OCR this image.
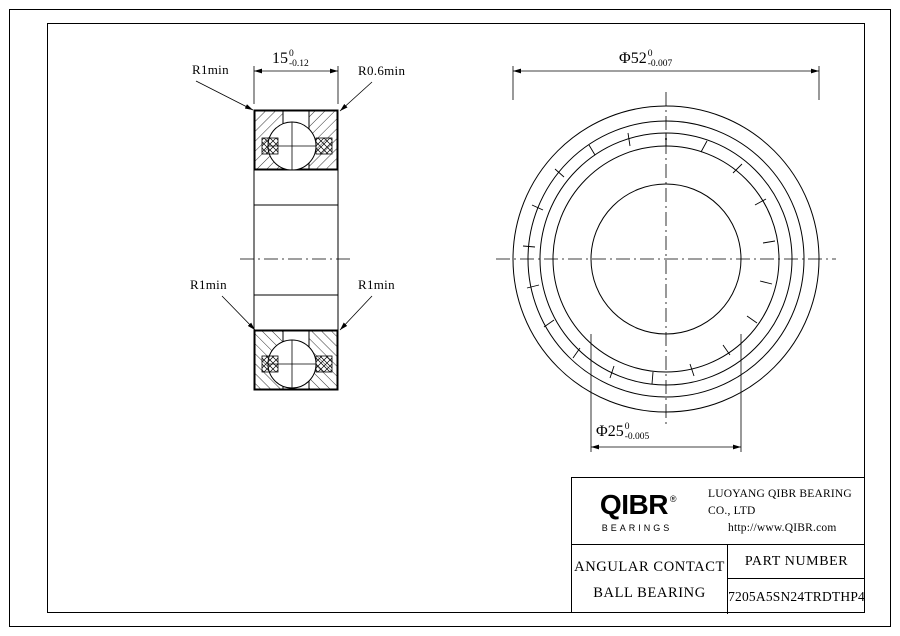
R1min	R0.6min
R1min	R1min
15 0
-0.12	Φ52 0
-0.007
Φ25 0
-0.005
QIBR ®
BEARINGS
LUOYANG QIBR BEARING CO., LTD
http://www.QIBR.com
ANGULAR CONTACT
BALL BEARING
PART NUMBER
7205A5SN24TRDTHP4
